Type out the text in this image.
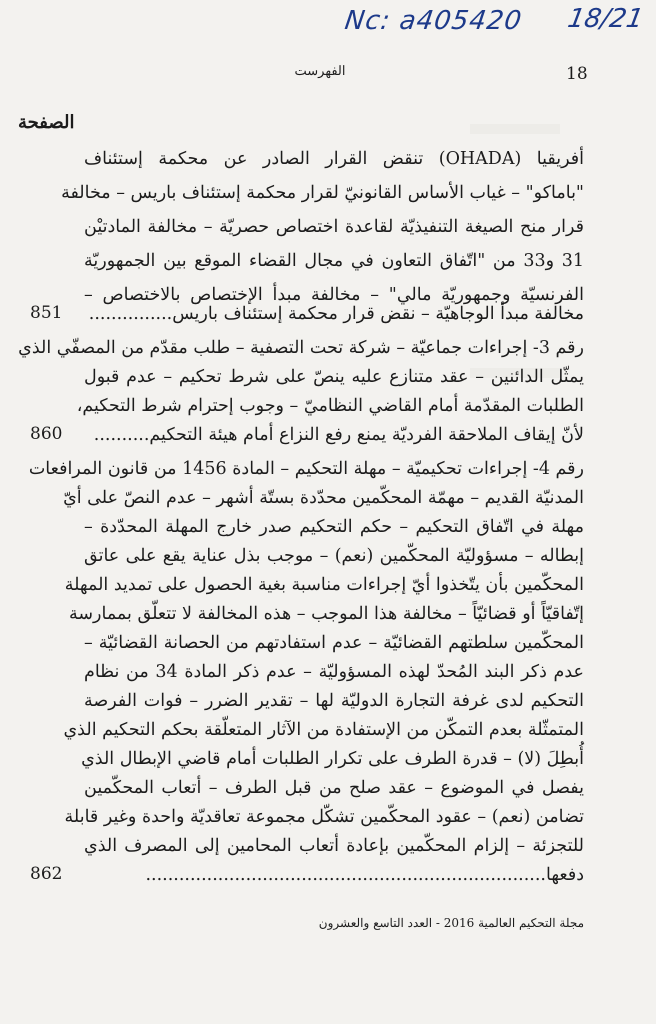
Nc: a405420 18/21
18
الفهرست
الصفحة
أفريقيا (OHADA) تنقض القرار الصادر عن محكمة إستئناف
"باماكو" – غياب الأساس القانونيّ لقرار محكمة إستئناف باريس – مخالفة
قرار منح الصيغة التنفيذيّة لقاعدة اختصاص حصريّة – مخالفة المادتيْن
31 و33 من "اتّفاق التعاون في مجال القضاء الموقع بين الجمهوريّة
الفرنسيّة وجمهوريّة مالي" – مخالفة مبدأ الإختصاص بالاختصاص –
مخالفة مبدأ الوجاهيّة – نقض قرار محكمة إستئناف باريس...............
851
رقم 3- إجراءات جماعيّة – شركة تحت التصفية – طلب مقدّم من المصفّي الذي
يمثّل الدائنين – عقد متنازع عليه ينصّ على شرط تحكيم – عدم قبول
الطلبات المقدّمة أمام القاضي النظاميّ – وجوب إحترام شرط التحكيم،
لأنّ إيقاف الملاحقة الفرديّة يمنع رفع النزاع أمام هيئة التحكيم..........
860
رقم 4- إجراءات تحكيميّة – مهلة التحكيم – المادة 1456 من قانون المرافعات
المدنيّة القديم – مهمّة المحكّمين محدّدة بستّة أشهر – عدم النصّ على أيّ
مهلة في اتّفاق التحكيم – حكم التحكيم صدر خارج المهلة المحدّدة –
إبطاله – مسؤوليّة المحكّمين (نعم) – موجب بذل عناية يقع على عاتق
المحكّمين بأن يتّخذوا أيّ إجراءات مناسبة بغية الحصول على تمديد المهلة
إتّفاقيّاً أو قضائيّاً – مخالفة هذا الموجب – هذه المخالفة لا تتعلّق بممارسة
المحكّمين سلطتهم القضائيّة – عدم استفادتهم من الحصانة القضائيّة –
عدم ذكر البند المُحدّ لهذه المسؤوليّة – عدم ذكر المادة 34 من نظام
التحكيم لدى غرفة التجارة الدوليّة لها – تقدير الضرر – فوات الفرصة
المتمثّلة بعدم التمكّن من الإستفادة من الآثار المتعلّقة بحكم التحكيم الذي
أُبطِلَ (لا) – قدرة الطرف على تكرار الطلبات أمام قاضي الإبطال الذي
يفصل في الموضوع – عقد صلح من قبل الطرف – أتعاب المحكّمين
تضامن (نعم) – عقود المحكّمين تشكّل مجموعة تعاقديّة واحدة وغير قابلة
للتجزئة – إلزام المحكّمين بإعادة أتعاب المحامين إلى المصرف الذي
دفعها........................................................................
862
مجلة التحكيم العالمية 2016 - العدد التاسع والعشرون
